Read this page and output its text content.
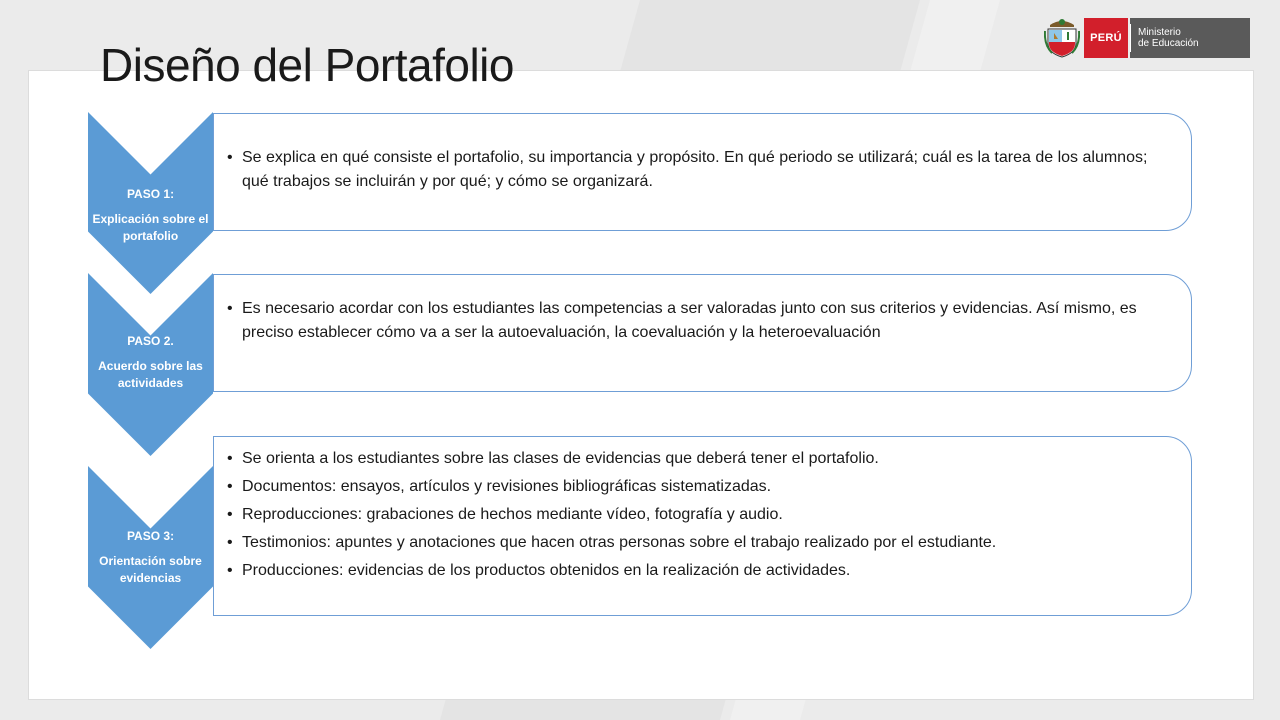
Diseño del Portafolio
PERÚ	Ministerio
de Educación
• Se explica en qué consiste el portafolio, su importancia y propósito. En qué periodo se utilizará; cuál es la tarea de los alumnos; qué trabajos se incluirán y por qué; y cómo se organizará.
PASO 1:
Explicación sobre el portafolio
• Es necesario acordar con los estudiantes las competencias a ser valoradas junto con sus criterios y evidencias. Así mismo, es preciso establecer cómo va a ser la autoevaluación, la coevaluación y la heteroevaluación
PASO 2.
Acuerdo sobre las actividades
• Se orienta a los estudiantes sobre las clases de evidencias que deberá tener el portafolio.
• Documentos: ensayos, artículos y revisiones bibliográficas sistematizadas.
• Reproducciones: grabaciones de hechos mediante vídeo, fotografía y audio.
• Testimonios: apuntes y anotaciones que hacen otras personas sobre el trabajo realizado por el estudiante.
• Producciones: evidencias de los productos obtenidos en la realización de actividades.
PASO 3:
Orientación sobre evidencias
